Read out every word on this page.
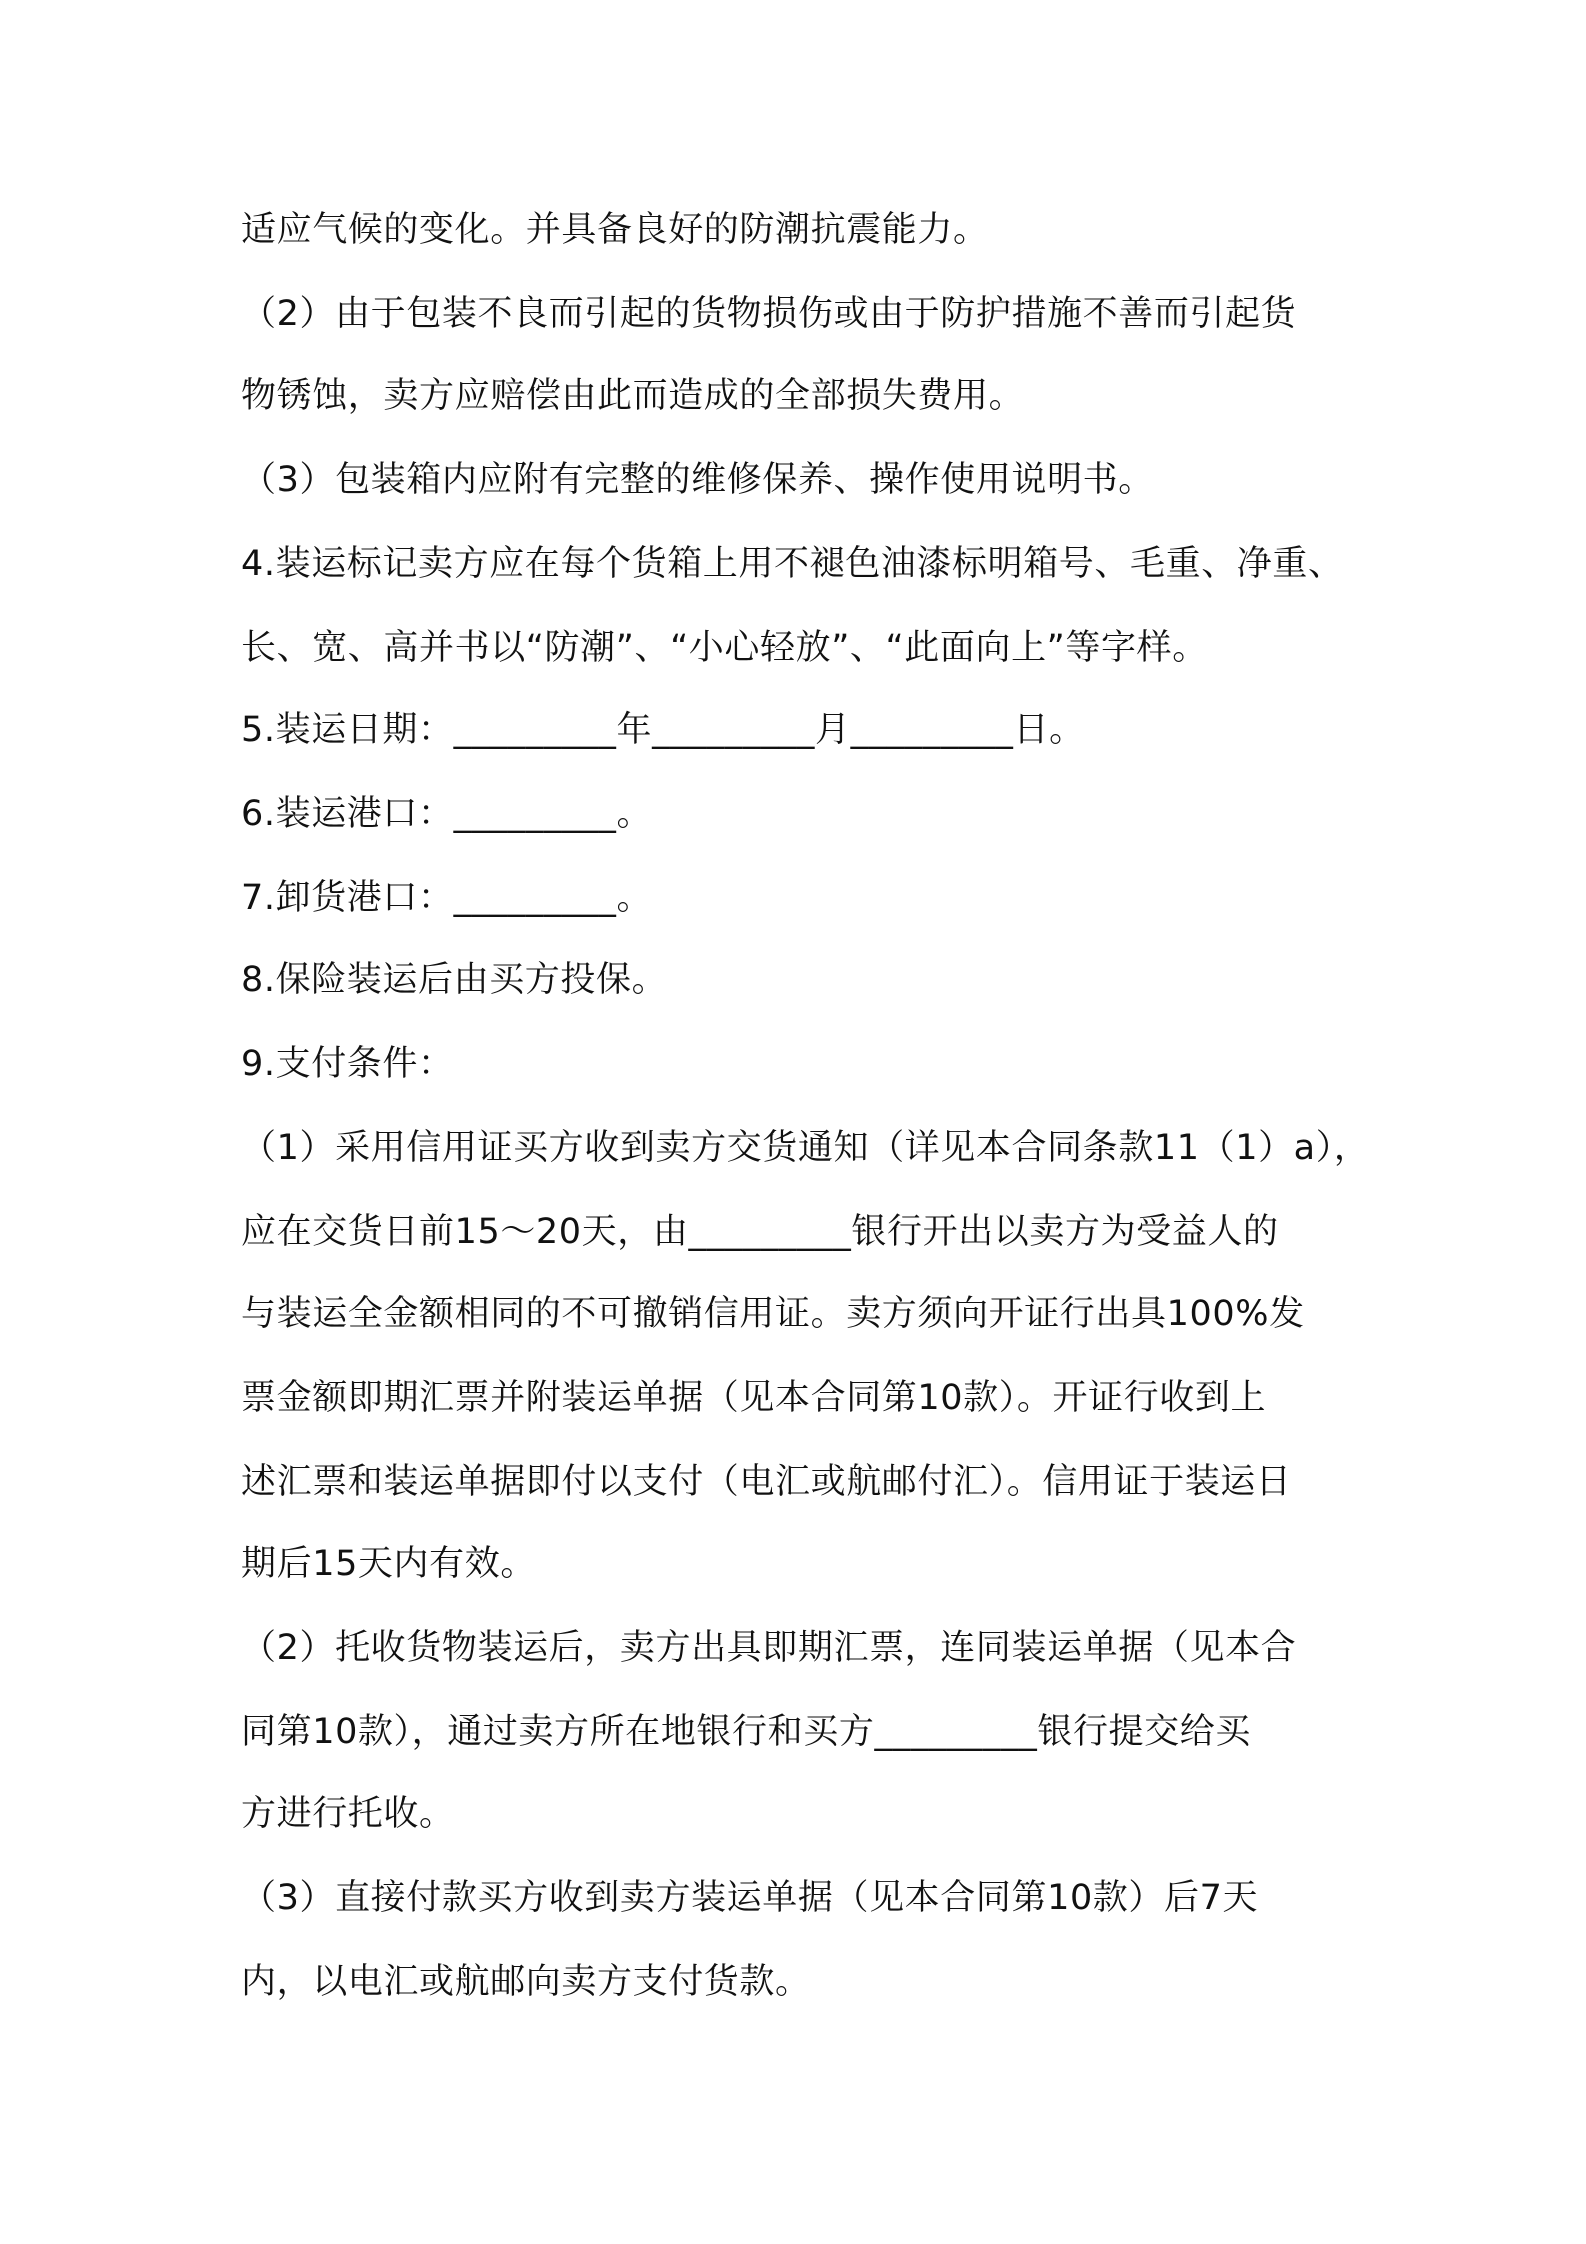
适应气候的变化。并具备良好的防潮抗震能力。
（2）由于包装不良而引起的货物损伤或由于防护措施不善而引起货
物锈蚀，卖方应赔偿由此而造成的全部损失费用。
（3）包装箱内应附有完整的维修保养、操作使用说明书。
4.装运标记卖方应在每个货箱上用不褪色油漆标明箱号、毛重、净重、
长、宽、高并书以“防潮”、“小心轻放”、“此面向上”等字样。
5.装运日期：_________年_________月_________日。
6.装运港口：_________。
7.卸货港口：_________。
8.保险装运后由买方投保。
9.支付条件：
（1）采用信用证买方收到卖方交货通知（详见本合同条款11（1）a），
应在交货日前15～20天，由_________银行开出以卖方为受益人的
与装运全金额相同的不可撤销信用证。卖方须向开证行出具100%发
票金额即期汇票并附装运单据（见本合同第10款）。开证行收到上
述汇票和装运单据即付以支付（电汇或航邮付汇）。信用证于装运日
期后15天内有效。
（2）托收货物装运后，卖方出具即期汇票，连同装运单据（见本合
同第10款），通过卖方所在地银行和买方_________银行提交给买
方进行托收。
（3）直接付款买方收到卖方装运单据（见本合同第10款）后7天
内，以电汇或航邮向卖方支付货款。
